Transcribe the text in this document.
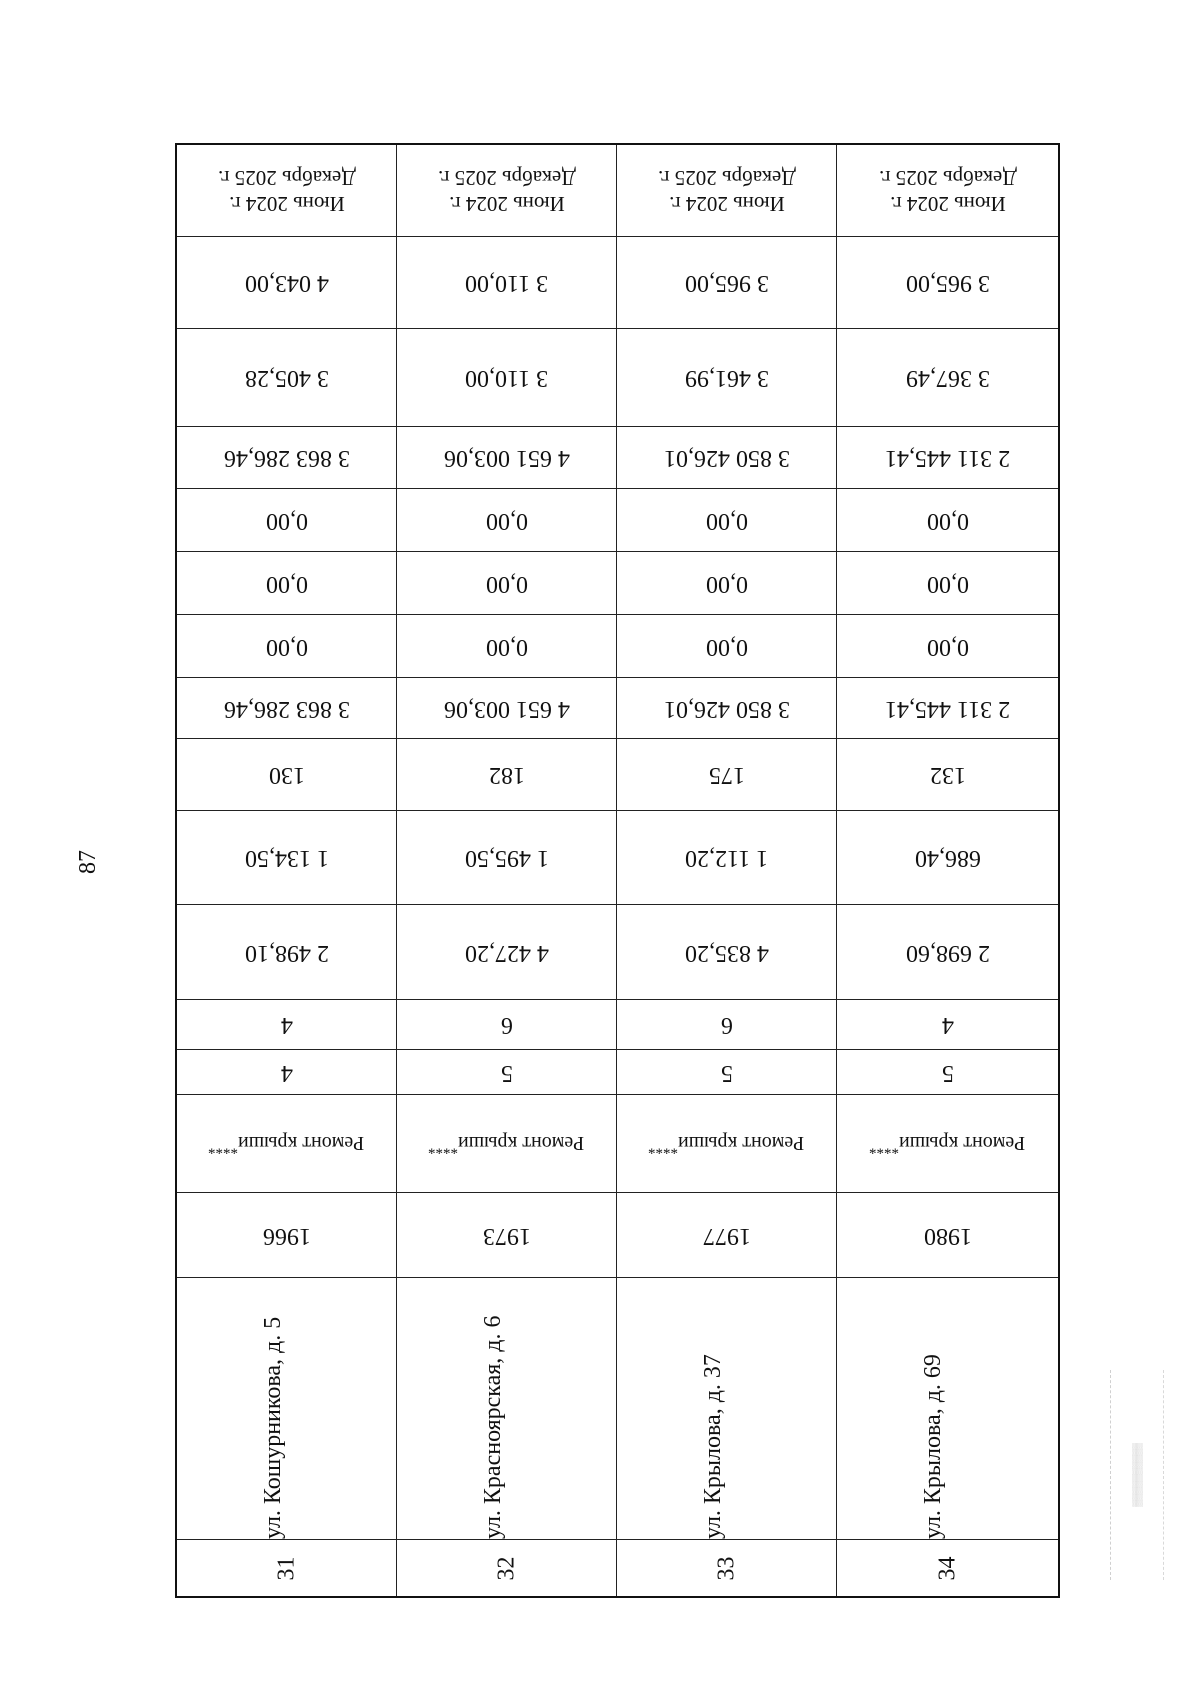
87
Июнь 2024 г.
Декабрь 2025 г.
4 043,00
3 405,28
3 863 286,46
0,00
0,00
0,00
3 863 286,46
130
1 134,50
2 498,10
4
4
Ремонт крыши****
1966
ул. Кошурникова, д. 5
31
Июнь 2024 г.
Декабрь 2025 г.
3 110,00
3 110,00
4 651 003,06
0,00
0,00
0,00
4 651 003,06
182
1 495,50
4 427,20
6
5
Ремонт крыши****
1973
ул. Красноярская, д. 6
32
Июнь 2024 г.
Декабрь 2025 г.
3 965,00
3 461,99
3 850 426,01
0,00
0,00
0,00
3 850 426,01
175
1 112,20
4 835,20
6
5
Ремонт крыши****
1977
ул. Крылова, д. 37
33
Июнь 2024 г.
Декабрь 2025 г.
3 965,00
3 367,49
2 311 445,41
0,00
0,00
0,00
2 311 445,41
132
686,40
2 698,60
4
5
Ремонт крыши****
1980
ул. Крылова, д. 69
34
▒▒▒▒▒▒▒▒▒▒
